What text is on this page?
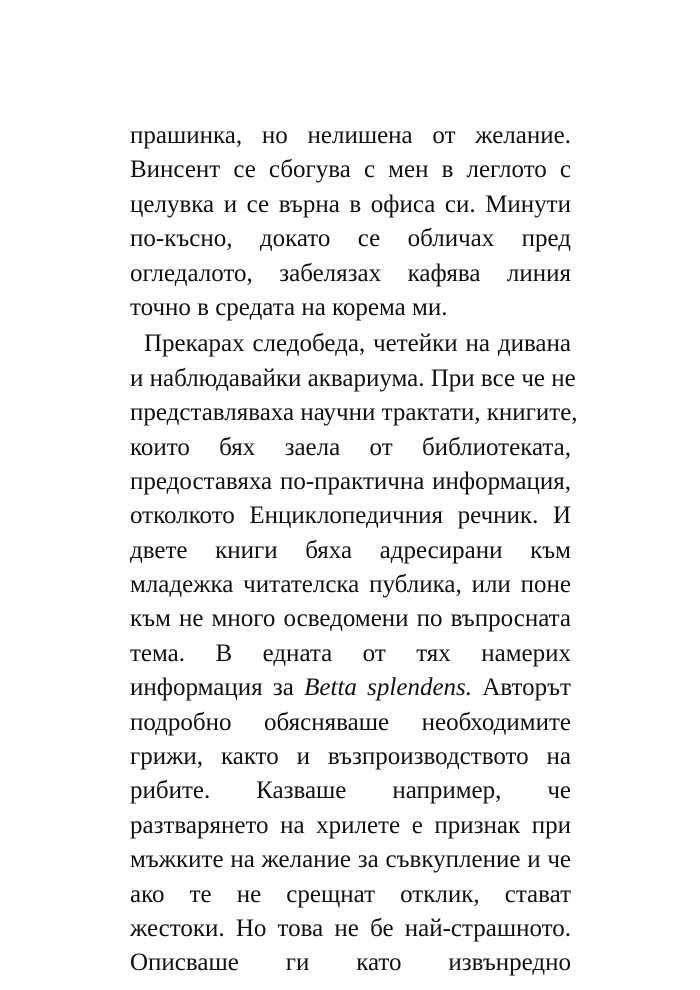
прашинка, но нелишена от желание.
Винсент се сбогува с мен в леглото с
целувка и се върна в офиса си. Минути
по-късно, докато се обличах пред
огледалото, забелязах кафява линия
точно в средата на корема ми.
Прекарах следобеда, четейки на дивана
и наблюдавайки аквариума. При все че не
представляваха научни трактати, книгите,
които бях заела от библиотеката,
предоставяха по-практична информация,
отколкото Енциклопедичния речник. И
двете книги бяха адресирани към
младежка читателска публика, или поне
към не много осведомени по въпросната
тема. В едната от тях намерих
информация за Betta splendens. Авторът
подробно обясняваше необходимите
грижи, както и възпроизводството на
рибите. Казваше например, че
разтварянето на хрилете е признак при
мъжките на желание за съвкупление и че
ако те не срещнат отклик, стават
жестоки. Но това не бе най-страшното.
Описваше ги като извънредно
